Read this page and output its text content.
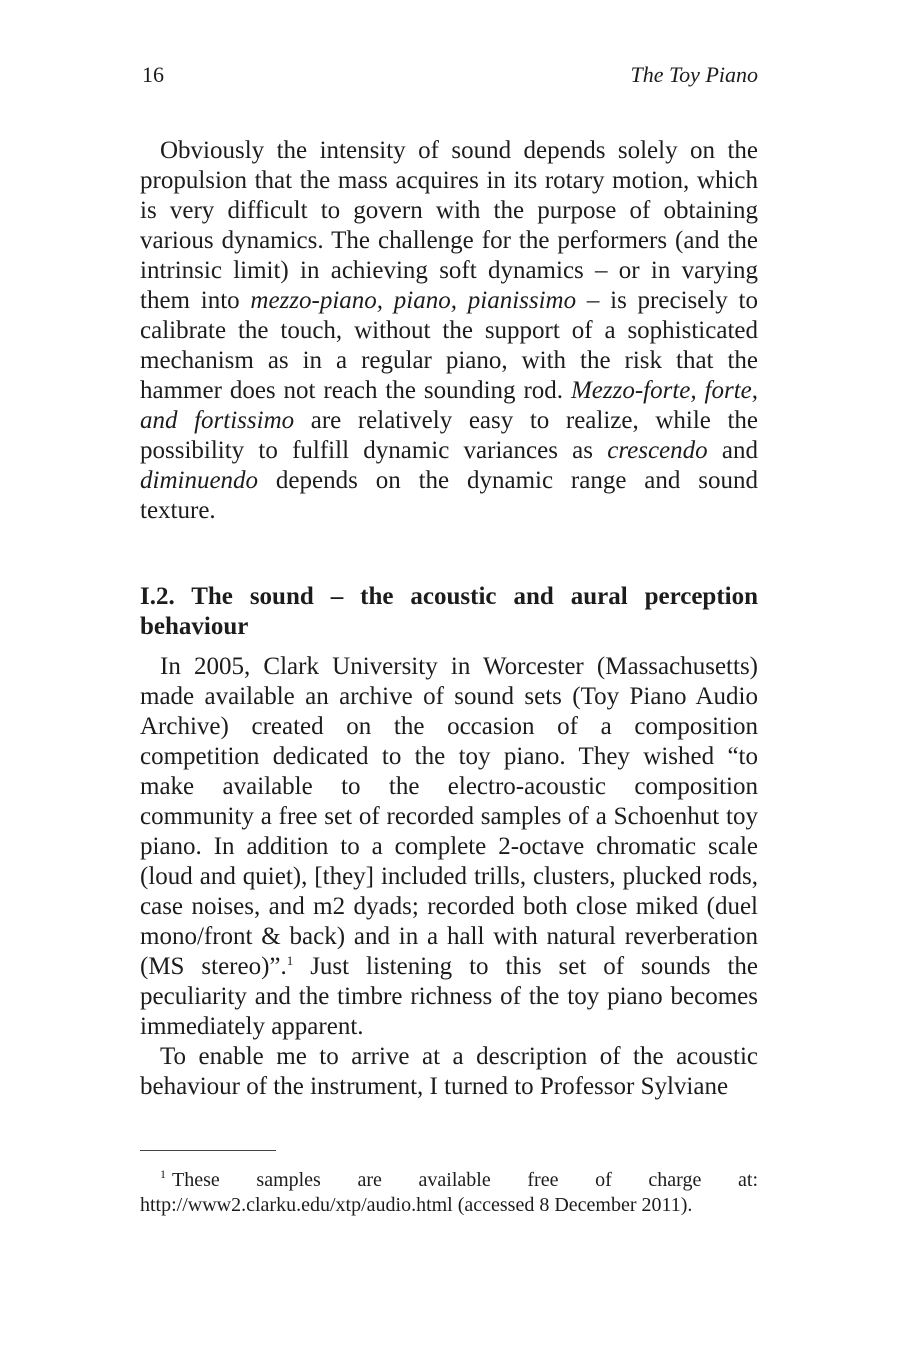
16	The Toy Piano

Obviously the intensity of sound depends solely on the propulsion that the mass acquires in its rotary motion, which is very difficult to govern with the purpose of obtaining various dynamics. The challenge for the performers (and the intrinsic limit) in achieving soft dynamics – or in varying them into mezzo-piano, piano, pianissimo – is precisely to calibrate the touch, without the support of a sophisticated mechanism as in a regular piano, with the risk that the hammer does not reach the sounding rod. Mezzo-forte, forte, and fortissimo are relatively easy to realize, while the possibility to fulfill dynamic variances as crescendo and diminuendo depends on the dynamic range and sound texture.

I.2. The sound – the acoustic and aural perception behaviour

In 2005, Clark University in Worcester (Massachusetts) made available an archive of sound sets (Toy Piano Audio Archive) created on the occasion of a composition competition dedicated to the toy piano. They wished “to make available to the electro-acoustic composition community a free set of recorded samples of a Schoenhut toy piano. In addition to a complete 2-octave chromatic scale (loud and quiet), [they] included trills, clusters, plucked rods, case noises, and m2 dyads; recorded both close miked (duel mono/front & back) and in a hall with natural reverberation (MS stereo)”.$^1$ Just listening to this set of sounds the peculiarity and the timbre richness of the toy piano becomes immediately apparent.

To enable me to arrive at a description of the acoustic behaviour of the instrument, I turned to Professor Sylviane

$^1$ These samples are available free of charge at: http://www2.clarku.edu/xtp/audio.html (accessed 8 December 2011).
